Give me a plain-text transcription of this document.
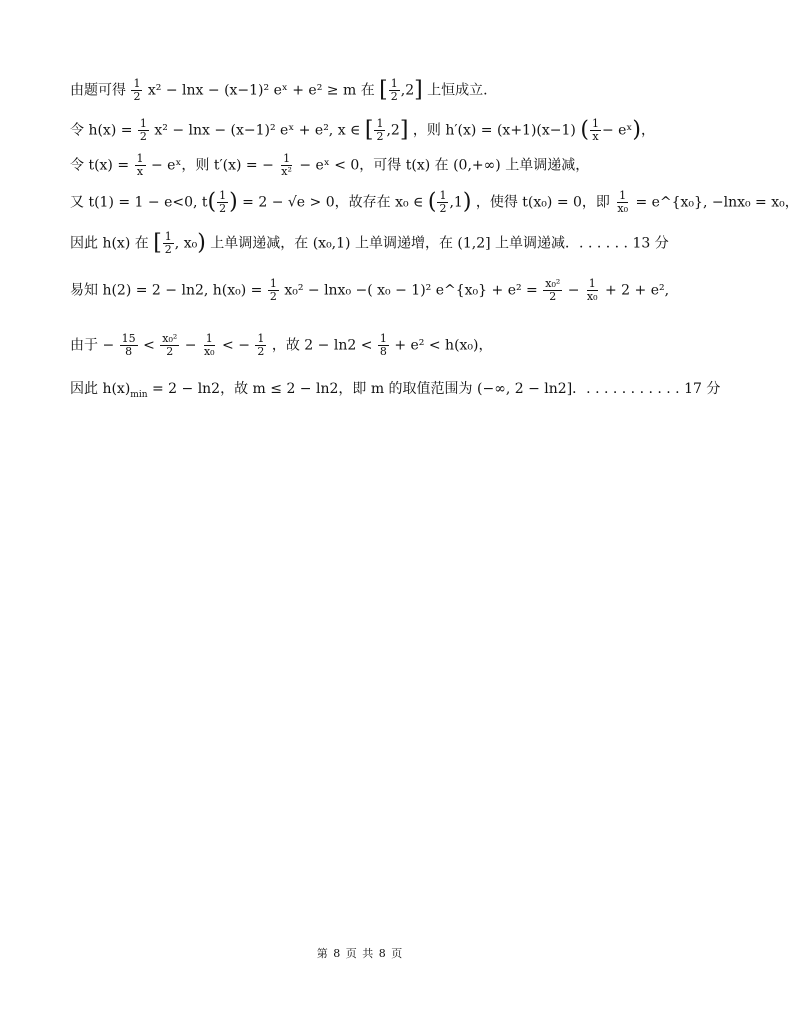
由题可得 $\frac{1}{2} x^2 - \ln x - (x-1)^2$ eˣ + e² ≥ m 在 [ $\frac{1}{2} ,2$] 上恒成立.
令 $h(x) = \frac{1}{2} x^2 - \ln x - (x-1)^2$ eˣ + e², x ∈ [ $\frac{1}{2} ,2$] ，则 h′(x) = (x+1)(x−1) ( $\frac{1}{x}$ − eˣ)，
令 $t(x) = \frac{1}{x}$ − eˣ，则 t′(x) = − $\frac{1}{\text{x²}}$ − eˣ < 0，可得 t(x) 在 (0,+∞) 上单调递减，
又 t(1) = 1 − e<0, $t( \frac{1}{2}$ ) = 2 − √e > 0，故存在 x₀ ∈ ( $\frac{1}{2} ,1$) ，使得 t(x₀) = 0，即 $\frac{1}{\text{x₀}}$ = e^{x₀}, −lnx₀ = x₀，
因此 h(x) 在 [ $\frac{1}{2}$ , x₀) 上单调递减，在 (x₀,1) 上单调递增，在 (1,2] 上单调递减．. . . . . . 13 分
易知 h(2) = 2 − ln2, $h(x_0) = \frac{1}{2} x_0^2 - \ln x_0$ −( x₀ − 1)² e^{x₀} + $e^2 = \frac{\text{x₀²}}{2} - \frac{1}{\text{x₀}} + 2 + e^2$,
由于 − $\frac{15}{8} < \frac{\text{x₀²}}{2} - \frac{1}{\text{x₀}}$ < − $\frac{1}{2}$ ，故 $2 - \ln 2 < \frac{1}{8} + e^2 < h(x_0)$，
因此 $h(x)_{min} = 2 - \ln 2$，故 m ≤ 2 − ln2，即 m 的取值范围为 (−∞, 2 − ln2]．. . . . . . . . . . . 17 分
第 8 页 共 8 页
